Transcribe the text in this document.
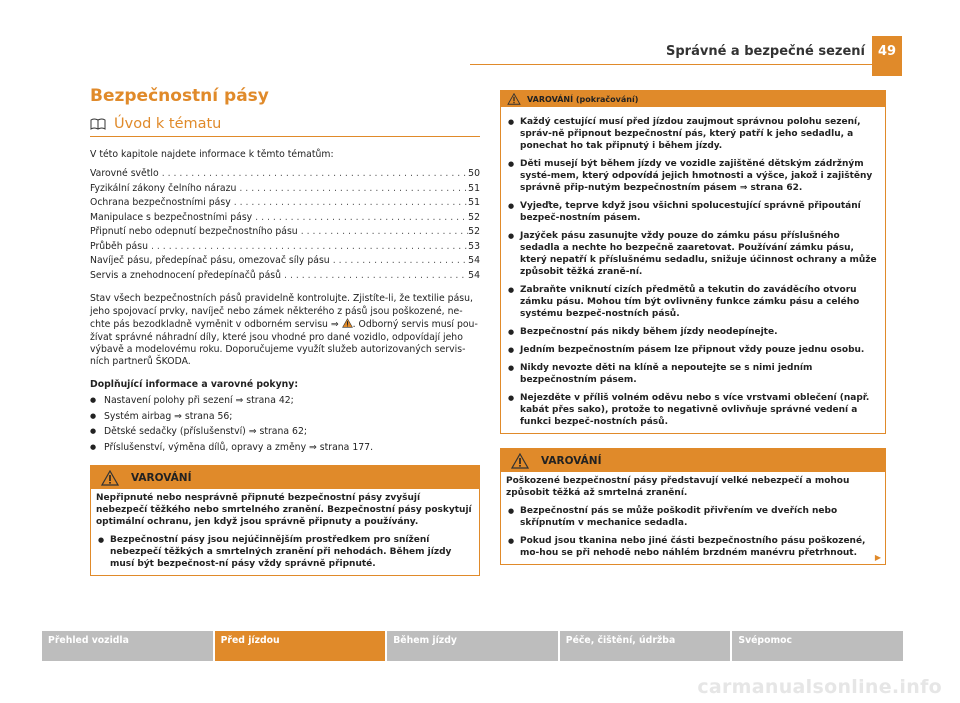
Správné a bezpečné sezení 49
Bezpečnostní pásy
Úvod k tématu

V této kapitole najdete informace k těmto tématům:

Varovné světlo . . .	50
Fyzikální zákony čelního nárazu . . .	51
Ochrana bezpečnostními pásy . . .	51
Manipulace s bezpečnostními pásy . . .	52
Připnutí nebo odepnutí bezpečnostního pásu . . .	52
Průběh pásu . . .	53
Navíječ pásu, předepínač pásu, omezovač síly pásu . . .	54
Servis a znehodnocení předepínačů pásů . . .	54

Stav všech bezpečnostních pásů pravidelně kontrolujte. Zjistíte-li, že textilie pásu, jeho spojovací prvky, navíječ nebo zámek některého z pásů jsou poškozené, ne-chte pás bezodkladně vyměnit v odborném servisu ⇒ . Odborný servis musí pou-žívat správné náhradní díly, které jsou vhodné pro dané vozidlo, odpovídají jeho výbavě a modelovému roku. Doporučujeme využít služeb autorizovaných servis-ních partnerů ŠKODA.

Doplňující informace a varovné pokyny:

● Nastavení polohy při sezení ⇒ strana 42;
● Systém airbag ⇒ strana 56;
● Dětské sedačky (příslušenství) ⇒ strana 62;
● Příslušenství, výměna dílů, opravy a změny ⇒ strana 177.
VAROVÁNÍ

Nepřipnuté nebo nesprávně připnuté bezpečnostní pásy zvyšují nebezpečí těžkého nebo smrtelného zranění. Bezpečnostní pásy poskytují optimální ochranu, jen když jsou správně připnuty a používány.

● Bezpečnostní pásy jsou nejúčinnějším prostředkem pro snížení nebezpečí těžkých a smrtelných zranění při nehodách. Během jízdy musí být bezpečnost-ní pásy vždy správně připnuté.

VAROVÁNÍ (pokračování)

● Každý cestující musí před jízdou zaujmout správnou polohu sezení, správ-ně připnout bezpečnostní pás, který patří k jeho sedadlu, a ponechat ho tak připnutý i během jízdy.

● Děti musejí být během jízdy ve vozidle zajištěné dětským zádržným systé-mem, který odpovídá jejich hmotnosti a výšce, jakož i zajištěny správně přip-nutým bezpečnostním pásem ⇒ strana 62.

● Vyjeďte, teprve když jsou všichni spolucestující správně připoutání bezpeč-nostním pásem.

● Jazýček pásu zasunujte vždy pouze do zámku pásu příslušného sedadla a nechte ho bezpečně zaaretovat. Používání zámku pásu, který nepatří k příslušnému sedadlu, snižuje účinnost ochrany a může způsobit těžká zraně-ní.

● Zabraňte vniknutí cizích předmětů a tekutin do zaváděcího otvoru zámku pásu. Mohou tím být ovlivněny funkce zámku pásu a celého systému bezpeč-nostních pásů.

● Bezpečnostní pás nikdy během jízdy neodepínejte.

● Jedním bezpečnostním pásem lze připnout vždy pouze jednu osobu.

● Nikdy nevozte děti na klíně a nepoutejte se s nimi jedním bezpečnostním pásem.

● Nejezděte v příliš volném oděvu nebo s více vrstvami oblečení (např. kabát přes sako), protože to negativně ovlivňuje správné vedení a funkci bezpeč-nostních pásů.

VAROVÁNÍ

Poškozené bezpečnostní pásy představují velké nebezpečí a mohou způsobit těžká až smrtelná zranění.

● Bezpečnostní pás se může poškodit přivřením ve dveřích nebo skřípnutím v mechanice sedadla.

● Pokud jsou tkanina nebo jiné části bezpečnostního pásu poškozené, mo-hou se při nehodě nebo náhlém brzdném manévru přetrhnout.	▶
Přehled vozidla	Před jízdou	Během jízdy	Péče, čištění, údržba	Svépomoc
carmanualsonline.info
